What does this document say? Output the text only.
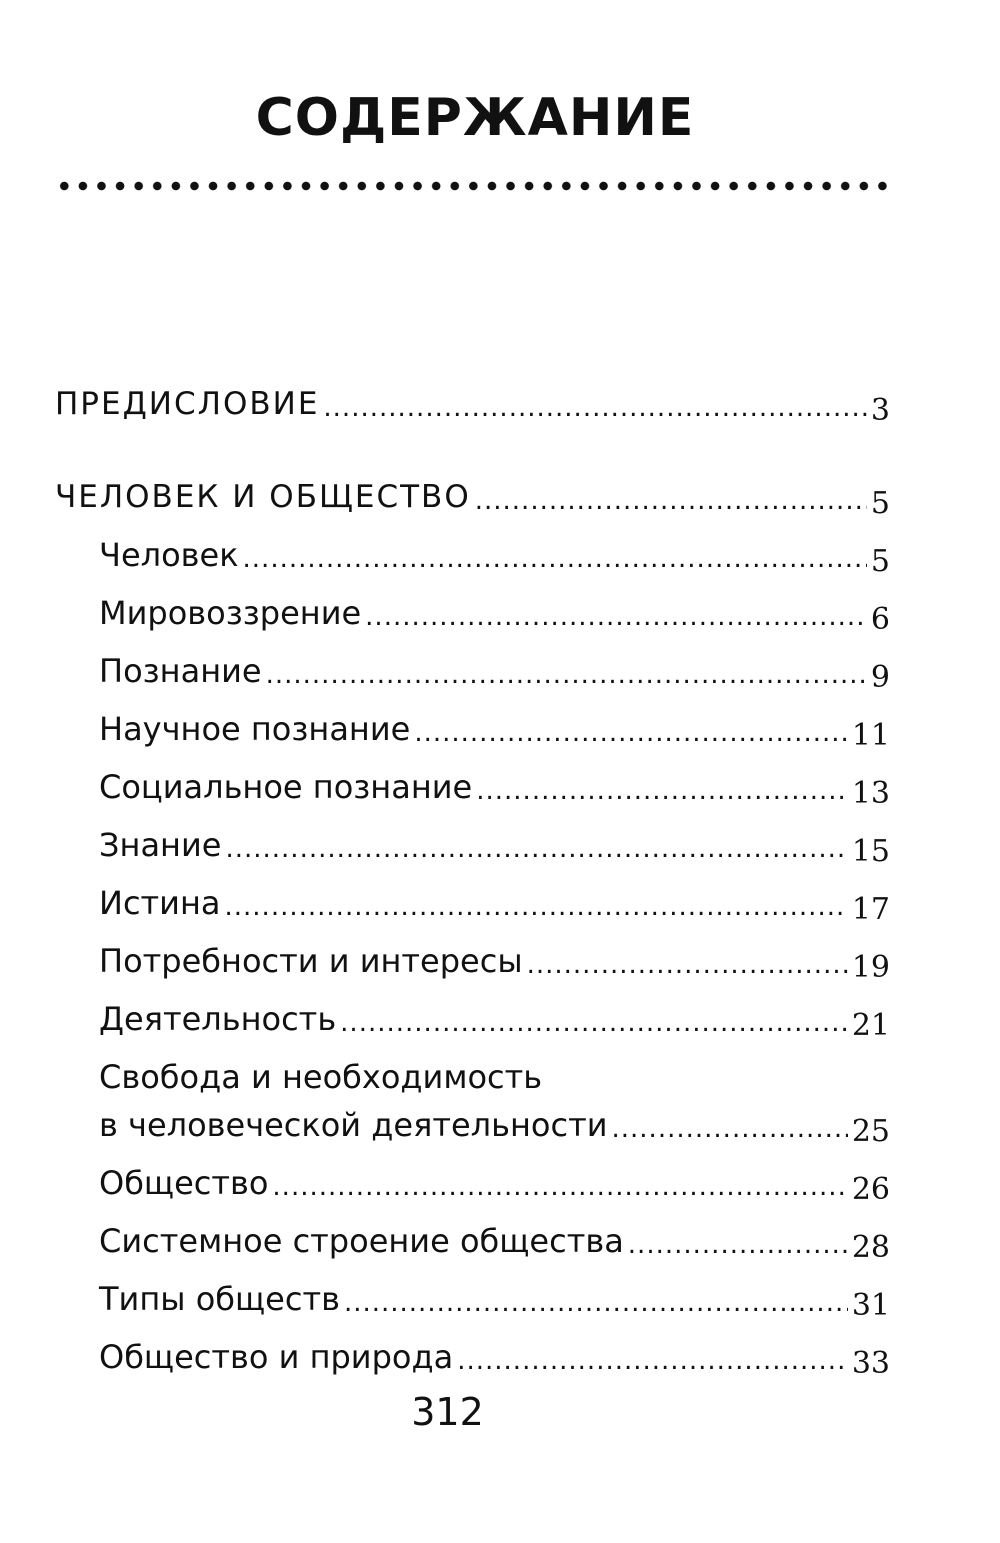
СОДЕРЖАНИЕ
ПРЕДИСЛОВИЕ .....	3
ЧЕЛОВЕК И ОБЩЕСТВО .....	5
Человек .....	5
Мировоззрение .....	6
Познание .....	9
Научное познание .....	11
Социальное познание .....	13
Знание .....	15
Истина .....	17
Потребности и интересы .....	19
Деятельность .....	21
Свобода и необходимость
в человеческой деятельности .....	25
Общество .....	26
Системное строение общества .....	28
Типы обществ .....	31
Общество и природа .....	33
312
